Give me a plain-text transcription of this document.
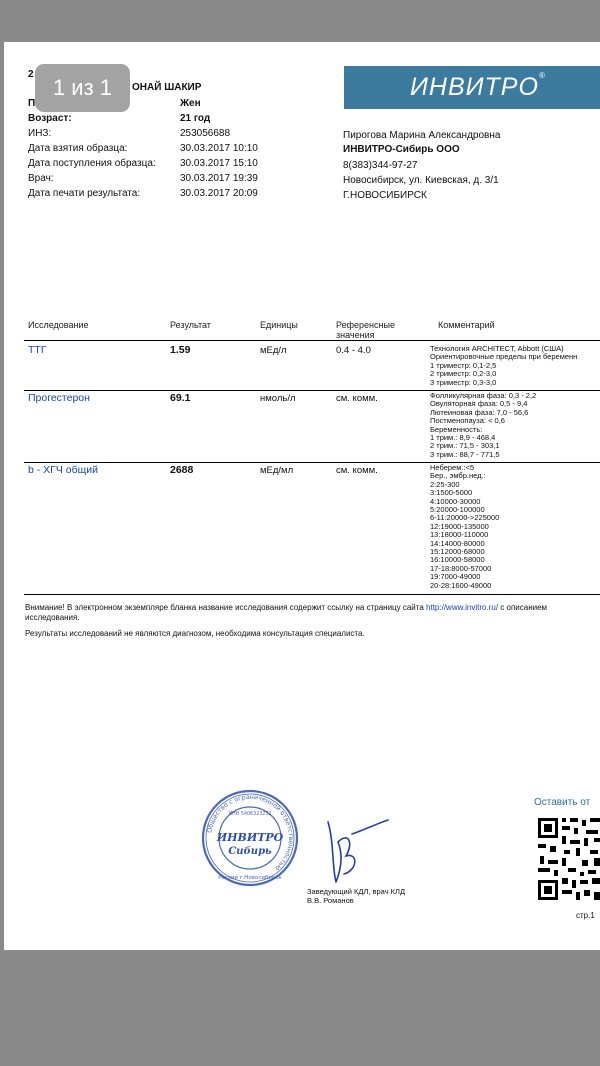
1 из 1
2
ОНАЙ ШАКИР
П	Жен
Возраст:	21 год
ИНЗ:	253056688
Дата взятия образца:	30.03.2017 10:10
Дата поступления образца: 30.03.2017 15:10
Врач:	30.03.2017 19:39
Дата печати результата:	30.03.2017 20:09
ИНВИТРО®
Пирогова Марина Александровна
ИНВИТРО-Сибирь ООО
8(383)344-97-27
Новосибирск, ул. Киевская, д. 3/1
Г.НОВОСИБИРСК
Исследование	Результат	Единицы	Референсные
значения
Комментарий
ТТГ	1.59	мЕд/л	0.4 - 4.0	Технология ARCHITECT, Abbott (США)
Ориентировочные пределы при беременн
1 триместр: 0,1-2,5
2 триместр: 0,2-3,0
3 триместр: 0,3-3,0
Прогестерон	69.1	нмоль/л	см. комм.	Фолликулярная фаза: 0,3 - 2,2
Овуляторная фаза: 0,5 - 9,4
Лютеиновая фаза: 7,0 - 56,6
Постменопауза: < 0,6
Беременность:
1 трим.: 8,9 - 468,4
2 трим.: 71,5 - 303,1
3 трим.: 88,7 - 771,5
b - ХГЧ общий	2688	мЕд/мл	см. комм.	Неберем.:<5
Бер., эмбр.нед.:
2:25-300
3:1500-5000
4:10000-30000
5:20000-100000
6-11:20000->225000
12:19000-135000
13:18000-110000
14:14000-80000
15:12000-68000
16:10000-58000
17-18:8000-57000
19:7000-49000
20-28:1600-49000
Внимание! В электронном экземпляре бланка название исследования содержит ссылку на страницу сайта http://www.invitro.ru/ с описанием
исследования.
Результаты исследований не являются диагнозом, необходима консультация специалиста.
Общество с ограниченной ответственностью
Россия г.Новосибирск
ИНН 5406323232
ИНВИТРО
Сибирь
Заведующий КДЛ, врач КЛД
В.В. Романов
Оставить от
стр.1
